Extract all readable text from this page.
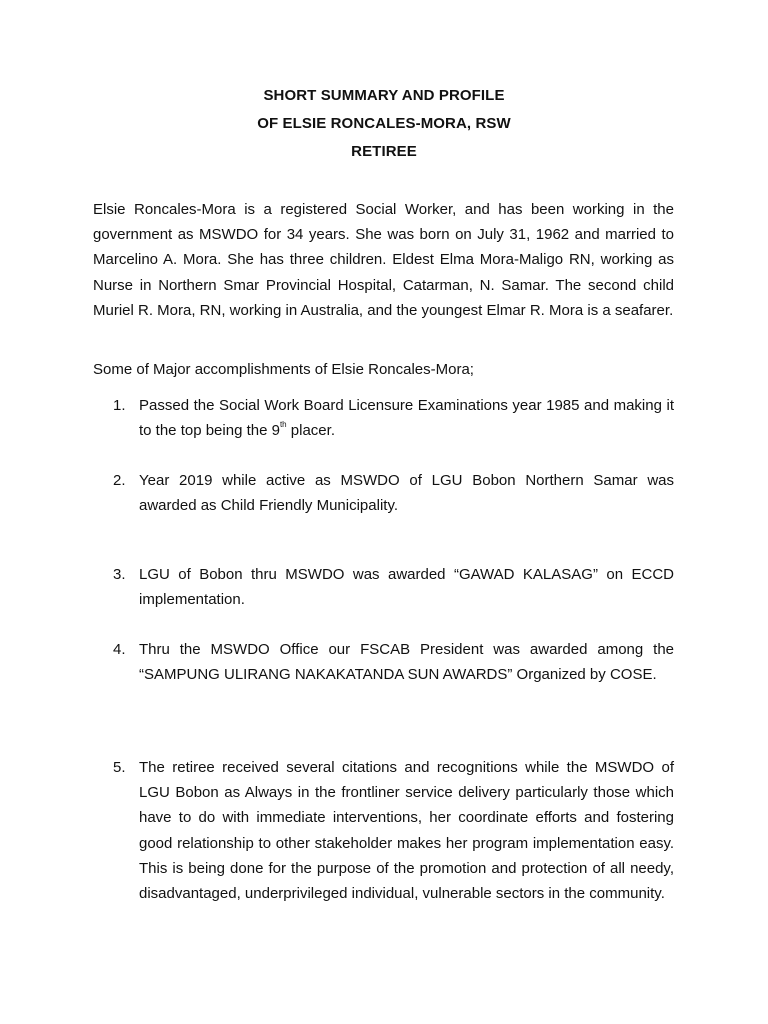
SHORT SUMMARY AND PROFILE
OF ELSIE RONCALES-MORA, RSW
RETIREE

Elsie Roncales-Mora is a registered Social Worker, and has been working in the government as MSWDO for 34 years. She was born on July 31, 1962 and married to Marcelino A. Mora. She has three children. Eldest Elma Mora-Maligo RN, working as Nurse in Northern Smar Provincial Hospital, Catarman, N. Samar. The second child Muriel R. Mora, RN, working in Australia, and the youngest Elmar R. Mora is a seafarer.

Some of Major accomplishments of Elsie Roncales-Mora;

1. Passed the Social Work Board Licensure Examinations year 1985 and making it to the top being the 9th placer.
2. Year 2019 while active as MSWDO of LGU Bobon Northern Samar was awarded as Child Friendly Municipality.
3. LGU of Bobon thru MSWDO was awarded “GAWAD KALASAG” on ECCD implementation.
4. Thru the MSWDO Office our FSCAB President was awarded among the “SAMPUNG ULIRANG NAKAKATANDA SUN AWARDS” Organized by COSE.
5. The retiree received several citations and recognitions while the MSWDO of LGU Bobon as Always in the frontliner service delivery particularly those which have to do with immediate interventions, her coordinate efforts and fostering good relationship to other stakeholder makes her program implementation easy. This is being done for the purpose of the promotion and protection of all needy, disadvantaged, underprivileged individual, vulnerable sectors in the community.
